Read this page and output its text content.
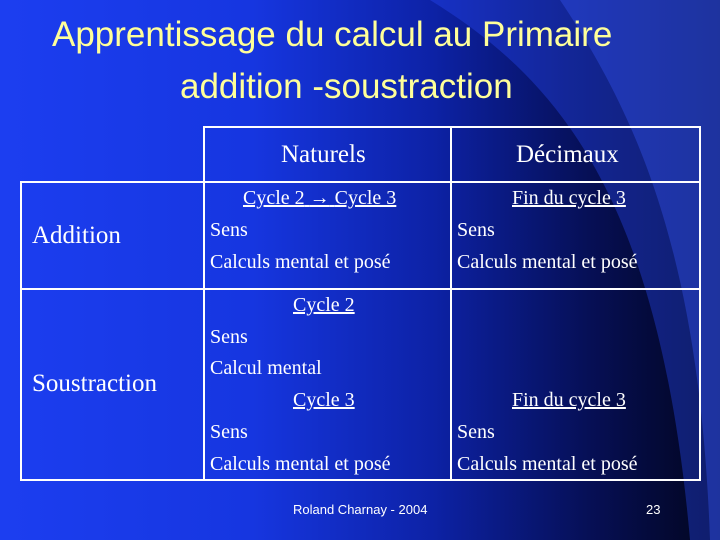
Apprentissage du calcul au Primaire
addition -soustraction
Naturels	Décimaux
Addition
Soustraction
Cycle 2 → Cycle 3
Sens
Calculs mental et posé
Fin du cycle 3
Sens
Calculs mental et posé
Cycle 2
Sens
Calcul mental
Cycle 3
Sens
Calculs mental et posé
Fin du cycle 3
Sens
Calculs mental et posé
Roland Charnay - 2004	23
